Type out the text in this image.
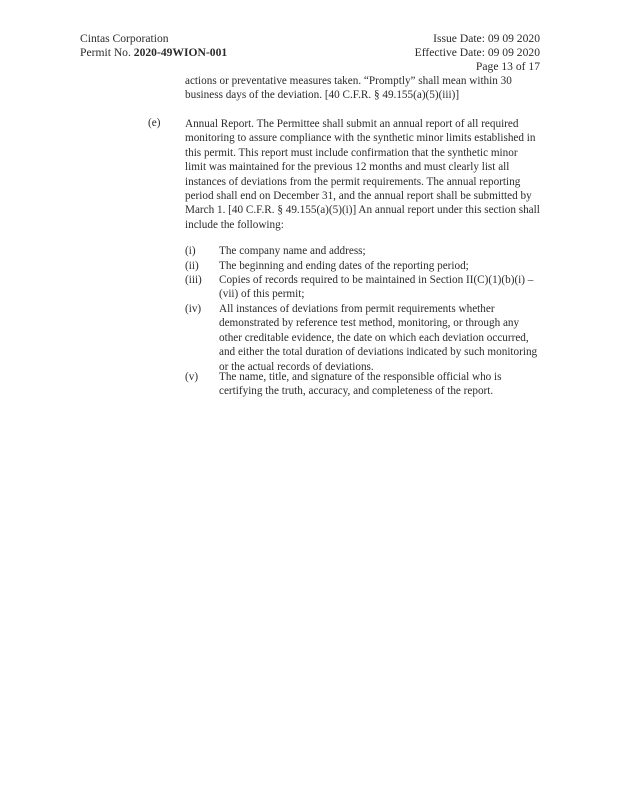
Cintas Corporation
Permit No. 2020-49WION-001
Issue Date: 09 09 2020
Effective Date: 09 09 2020
Page 13 of 17
actions or preventative measures taken. “Promptly” shall mean within 30 business days of the deviation. [40 C.F.R. § 49.155(a)(5)(iii)]
(e) Annual Report. The Permittee shall submit an annual report of all required monitoring to assure compliance with the synthetic minor limits established in this permit. This report must include confirmation that the synthetic minor limit was maintained for the previous 12 months and must clearly list all instances of deviations from the permit requirements. The annual reporting period shall end on December 31, and the annual report shall be submitted by March 1. [40 C.F.R. § 49.155(a)(5)(i)] An annual report under this section shall include the following:
(i) The company name and address;
(ii) The beginning and ending dates of the reporting period;
(iii) Copies of records required to be maintained in Section II(C)(1)(b)(i) – (vii) of this permit;
(iv) All instances of deviations from permit requirements whether demonstrated by reference test method, monitoring, or through any other creditable evidence, the date on which each deviation occurred, and either the total duration of deviations indicated by such monitoring or the actual records of deviations.
(v) The name, title, and signature of the responsible official who is certifying the truth, accuracy, and completeness of the report.
